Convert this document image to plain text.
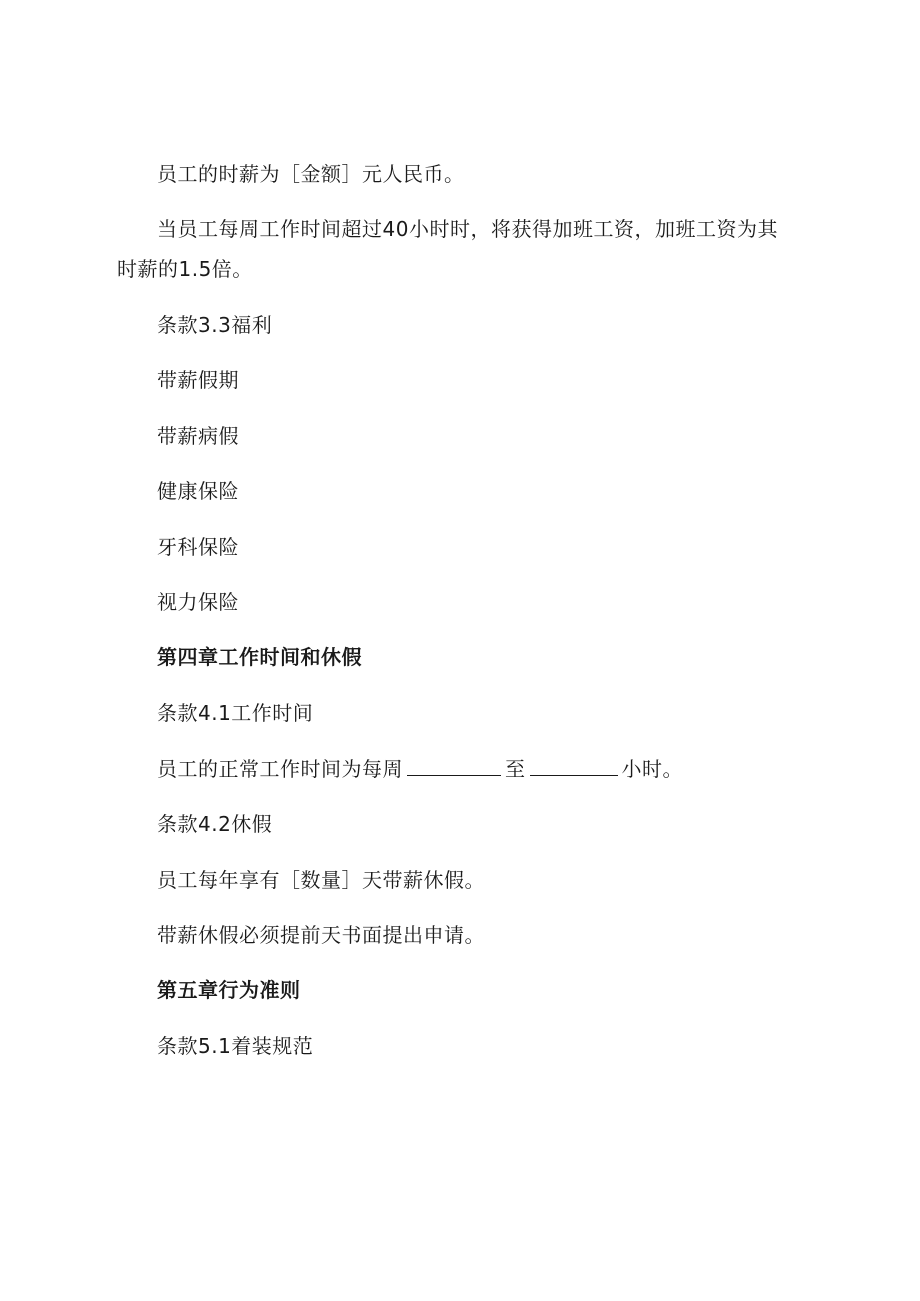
员工的时薪为［金额］元人民币。
当员工每周工作时间超过40小时时，将获得加班工资，加班工资为其
时薪的1.5倍。
条款3.3福利
带薪假期
带薪病假
健康保险
牙科保险
视力保险
第四章工作时间和休假
条款4.1工作时间
员工的正常工作时间为每周	至	小时。
条款4.2休假
员工每年享有［数量］天带薪休假。
带薪休假必须提前天书面提出申请。
第五章行为准则
条款5.1着装规范
